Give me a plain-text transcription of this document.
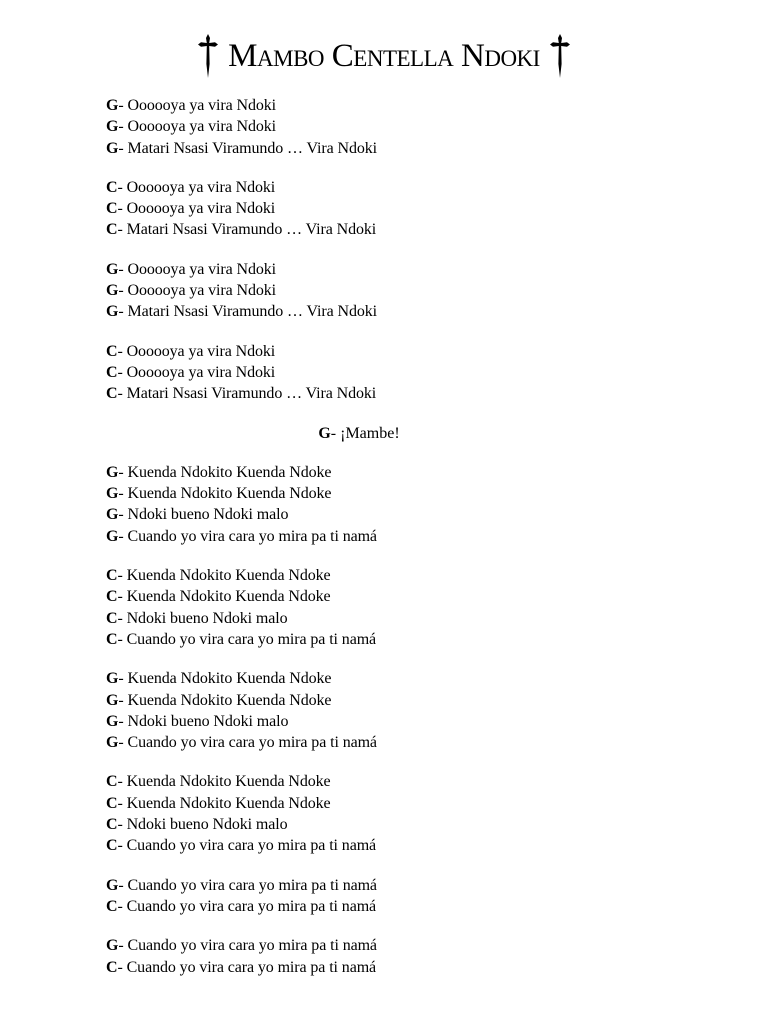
Mambo Centella Ndoki
G- Oooooya ya vira Ndoki
G- Oooooya ya vira Ndoki
G- Matari Nsasi Viramundo … Vira Ndoki
C- Oooooya ya vira Ndoki
C- Oooooya ya vira Ndoki
C- Matari Nsasi Viramundo … Vira Ndoki
G- Oooooya ya vira Ndoki
G- Oooooya ya vira Ndoki
G- Matari Nsasi Viramundo … Vira Ndoki
C- Oooooya ya vira Ndoki
C- Oooooya ya vira Ndoki
C- Matari Nsasi Viramundo … Vira Ndoki
G- ¡Mambe!
G- Kuenda Ndokito Kuenda Ndoke
G- Kuenda Ndokito Kuenda Ndoke
G- Ndoki bueno Ndoki malo
G- Cuando yo vira cara yo mira pa ti namá
C- Kuenda Ndokito Kuenda Ndoke
C- Kuenda Ndokito Kuenda Ndoke
C- Ndoki bueno Ndoki malo
C- Cuando yo vira cara yo mira pa ti namá
G- Kuenda Ndokito Kuenda Ndoke
G- Kuenda Ndokito Kuenda Ndoke
G- Ndoki bueno Ndoki malo
G- Cuando yo vira cara yo mira pa ti namá
C- Kuenda Ndokito Kuenda Ndoke
C- Kuenda Ndokito Kuenda Ndoke
C- Ndoki bueno Ndoki malo
C- Cuando yo vira cara yo mira pa ti namá
G- Cuando yo vira cara yo mira pa ti namá
C- Cuando yo vira cara yo mira pa ti namá
G- Cuando yo vira cara yo mira pa ti namá
C- Cuando yo vira cara yo mira pa ti namá
